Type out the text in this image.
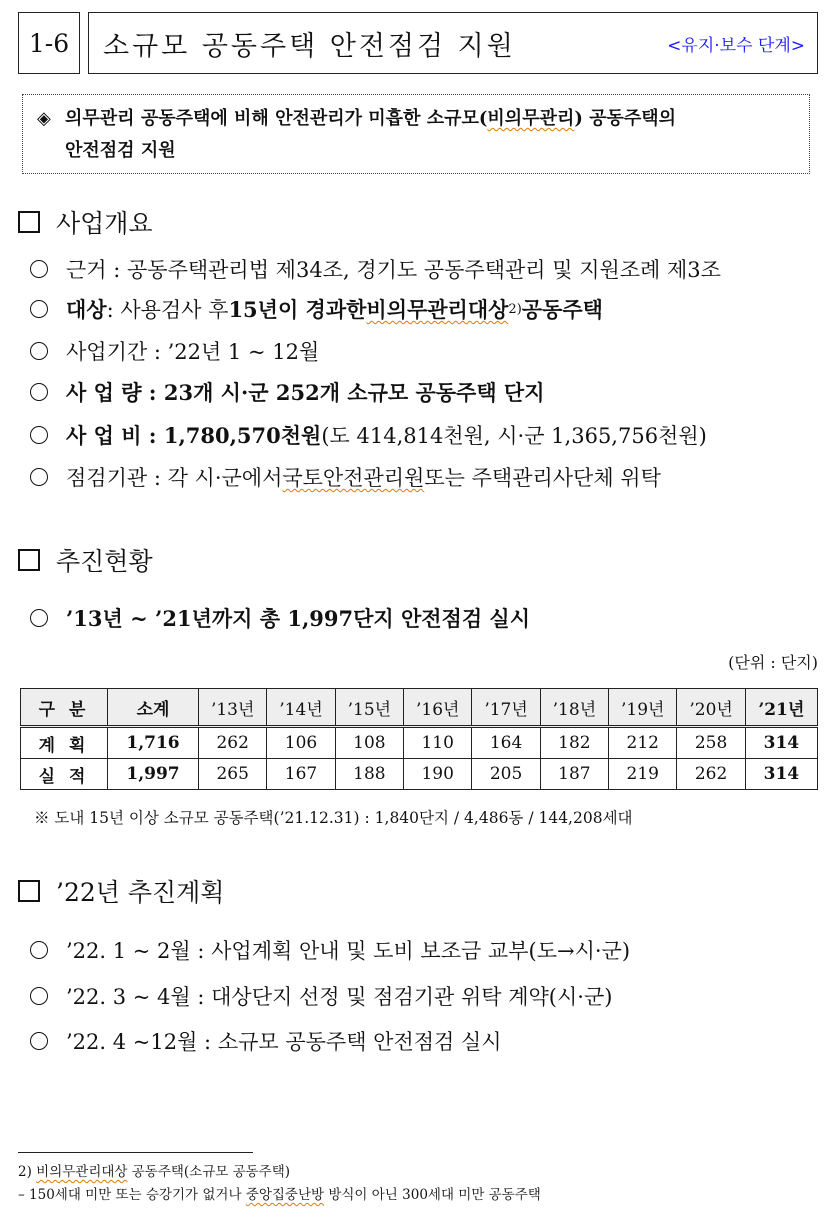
1-6 소규모 공동주택 안전점검 지원	<유지·보수 단계>
◈ 의무관리 공동주택에 비해 안전관리가 미흡한 소규모(비의무관리) 공동주택의
안전점검 지원
사업개요
근거 : 공동주택관리법 제34조, 경기도 공동주택관리 및 지원조례 제3조
대상 : 사용검사 후 15년이 경과한 비의무관리대상 2) 공동주택
사업기간 : ’22년 1 ~ 12월
사 업 량 : 23개 시·군 252개 소규모 공동주택 단지
사 업 비 : 1,780,570천원 (도 414,814천원, 시·군 1,365,756천원)
점검기관 : 각 시·군에서 국토안전관리원 또는 주택관리사단체 위탁
추진현황
’13년 ~ ’21년까지 총 1,997단지 안전점검 실시
(단위 : 단지)
구 분	소계	’13년	’14년	’15년	’16년	’17년	’18년	’19년	’20년	’21년
계 획	1,716	262	106	108	110	164	182	212	258	314
실 적	1,997	265	167	188	190	205	187	219	262	314
※ 도내 15년 이상 소규모 공동주택(’21.12.31) : 1,840단지 / 4,486동 / 144,208세대
’22년 추진계획
’22. 1 ~ 2월 : 사업계획 안내 및 도비 보조금 교부(도→시·군)
’22. 3 ~ 4월 : 대상단지 선정 및 점검기관 위탁 계약(시·군)
’22. 4 ~12월 : 소규모 공동주택 안전점검 실시
2) 비의무관리대상 공동주택(소규모 공동주택)
– 150세대 미만 또는 승강기가 없거나 중앙집중난방 방식이 아닌 300세대 미만 공동주택
